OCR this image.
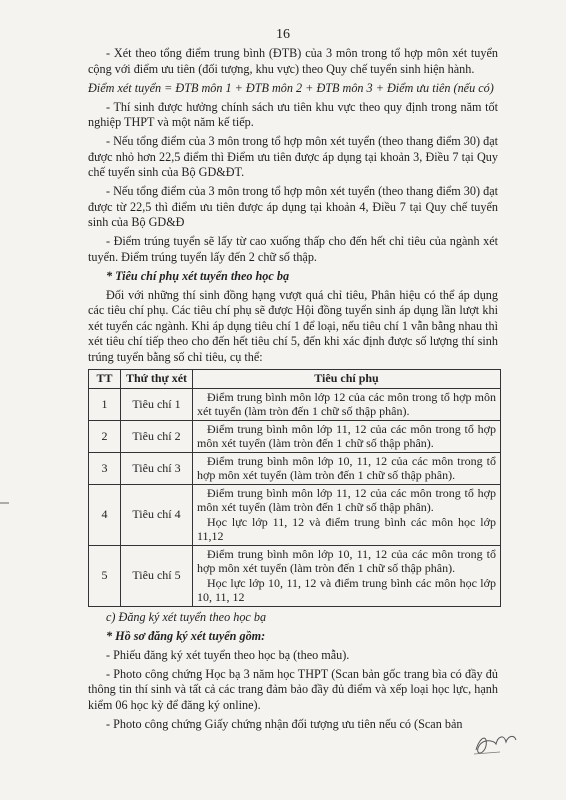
16

- Xét theo tổng điểm trung bình (ĐTB) của 3 môn trong tổ hợp môn xét tuyển cộng với điểm ưu tiên (đối tượng, khu vực) theo Quy chế tuyển sinh hiện hành.

Điểm xét tuyển = ĐTB môn 1 + ĐTB môn 2 + ĐTB môn 3 + Điểm ưu tiên (nếu có)

- Thí sinh được hưởng chính sách ưu tiên khu vực theo quy định trong năm tốt nghiệp THPT và một năm kế tiếp.

- Nếu tổng điểm của 3 môn trong tổ hợp môn xét tuyển (theo thang điểm 30) đạt được nhỏ hơn 22,5 điểm thì Điểm ưu tiên được áp dụng tại khoản 3, Điều 7 tại Quy chế tuyển sinh của Bộ GD&ĐT.

- Nếu tổng điểm của 3 môn trong tổ hợp môn xét tuyển (theo thang điểm 30) đạt được từ 22,5 thì điểm ưu tiên được áp dụng tại khoản 4, Điều 7 tại Quy chế tuyển sinh của Bộ GD&Đ

- Điểm trúng tuyển sẽ lấy từ cao xuống thấp cho đến hết chỉ tiêu của ngành xét tuyển. Điểm trúng tuyển lấy đến 2 chữ số thập.

* Tiêu chí phụ xét tuyển theo học bạ

Đối với những thí sinh đồng hạng vượt quá chỉ tiêu, Phân hiệu có thể áp dụng các tiêu chí phụ. Các tiêu chí phụ sẽ được Hội đồng tuyển sinh áp dụng lần lượt khi xét tuyển các ngành. Khi áp dụng tiêu chí 1 để loại, nếu tiêu chí 1 vẫn bằng nhau thì xét tiêu chí tiếp theo cho đến hết tiêu chí 5, đến khi xác định được số lượng thí sinh trúng tuyển bằng số chỉ tiêu, cụ thể:

TT	Thứ thự xét	Tiêu chí phụ
1	Tiêu chí 1	Điểm trung bình môn lớp 12 của các môn trong tổ hợp môn xét tuyển (làm tròn đến 1 chữ số thập phân).

2	Tiêu chí 2	Điểm trung bình môn lớp 11, 12 của các môn trong tổ hợp môn xét tuyển (làm tròn đến 1 chữ số thập phân).

3	Tiêu chí 3	Điểm trung bình môn lớp 10, 11, 12 của các môn trong tổ hợp môn xét tuyển (làm tròn đến 1 chữ số thập phân).

4	Tiêu chí 4	Điểm trung bình môn lớp 11, 12 của các môn trong tổ hợp môn xét tuyển (làm tròn đến 1 chữ số thập phân).
Học lực lớp 11, 12 và điểm trung bình các môn học lớp 11,12

5	Tiêu chí 5	Điểm trung bình môn lớp 10, 11, 12 của các môn trong tổ hợp môn xét tuyển (làm tròn đến 1 chữ số thập phân).
Học lực lớp 10, 11, 12 và điểm trung bình các môn học lớp 10, 11, 12

c) Đăng ký xét tuyển theo học bạ

* Hồ sơ đăng ký xét tuyển gồm:

- Phiếu đăng ký xét tuyển theo học bạ (theo mẫu).

- Photo công chứng Học bạ 3 năm học THPT (Scan bản gốc trang bìa có đầy đủ thông tin thí sinh và tất cả các trang đảm bảo đầy đủ điểm và xếp loại học lực, hạnh kiểm 06 học kỳ để đăng ký online).

- Photo công chứng Giấy chứng nhận đối tượng ưu tiên nếu có (Scan bản
